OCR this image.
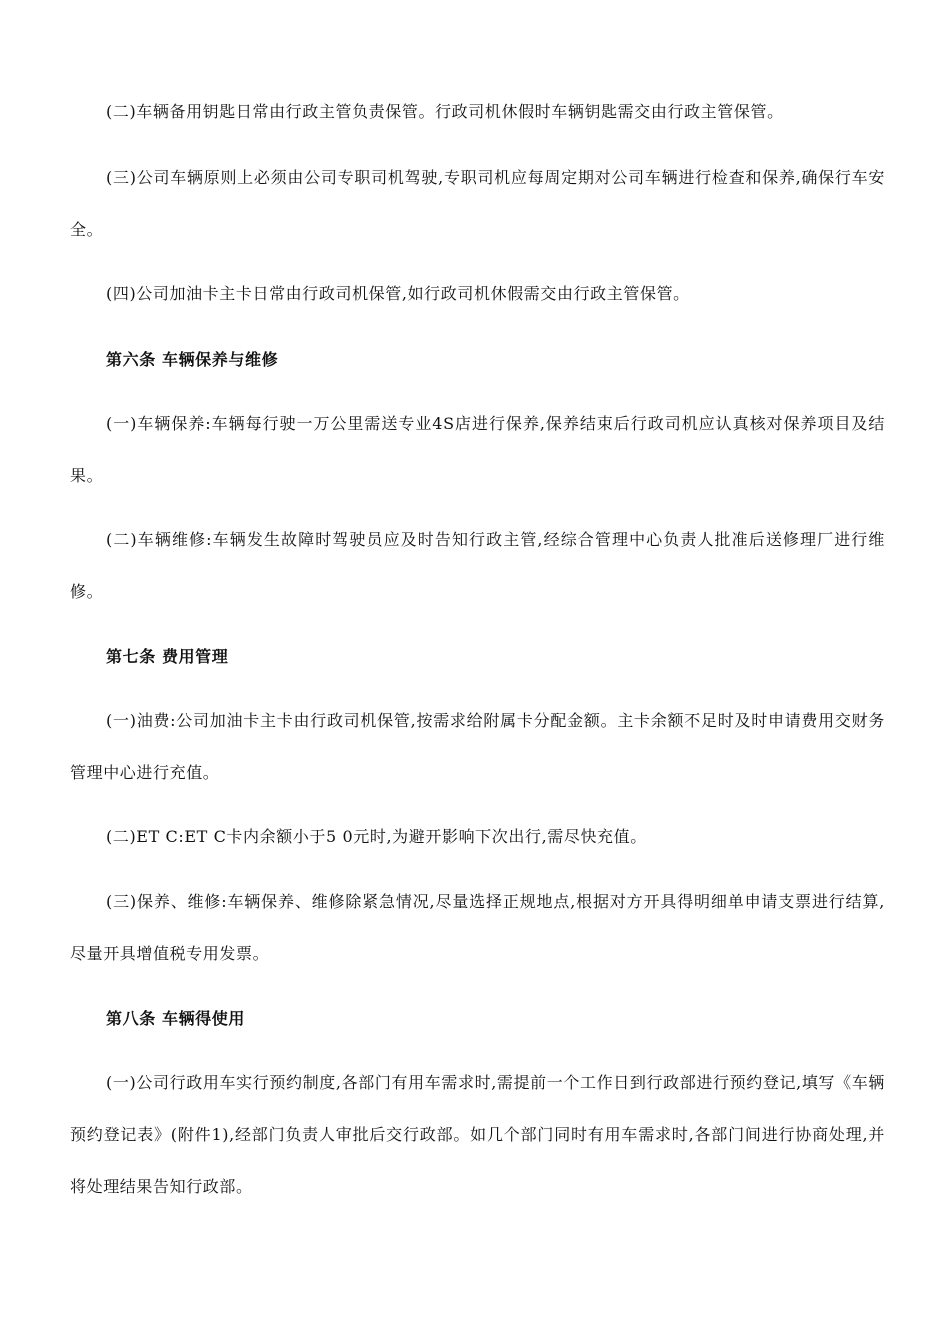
(二)车辆备用钥匙日常由行政主管负责保管。行政司机休假时车辆钥匙需交由行政主管保管。

(三)公司车辆原则上必须由公司专职司机驾驶,专职司机应每周定期对公司车辆进行检查和保养,确保行车安全。

(四)公司加油卡主卡日常由行政司机保管,如行政司机休假需交由行政主管保管。

第六条 车辆保养与维修

(一)车辆保养:车辆每行驶一万公里需送专业4S店进行保养,保养结束后行政司机应认真核对保养项目及结果。

(二)车辆维修:车辆发生故障时驾驶员应及时告知行政主管,经综合管理中心负责人批准后送修理厂进行维修。

第七条 费用管理

(一)油费:公司加油卡主卡由行政司机保管,按需求给附属卡分配金额。主卡余额不足时及时申请费用交财务管理中心进行充值。

(二)ET C:ET C卡内余额小于5 0元时,为避开影响下次出行,需尽快充值。

(三)保养、维修:车辆保养、维修除紧急情况,尽量选择正规地点,根据对方开具得明细单申请支票进行结算,尽量开具增值税专用发票。

第八条 车辆得使用

(一)公司行政用车实行预约制度,各部门有用车需求时,需提前一个工作日到行政部进行预约登记,填写《车辆预约登记表》(附件1),经部门负责人审批后交行政部。如几个部门同时有用车需求时,各部门间进行协商处理,并将处理结果告知行政部。
